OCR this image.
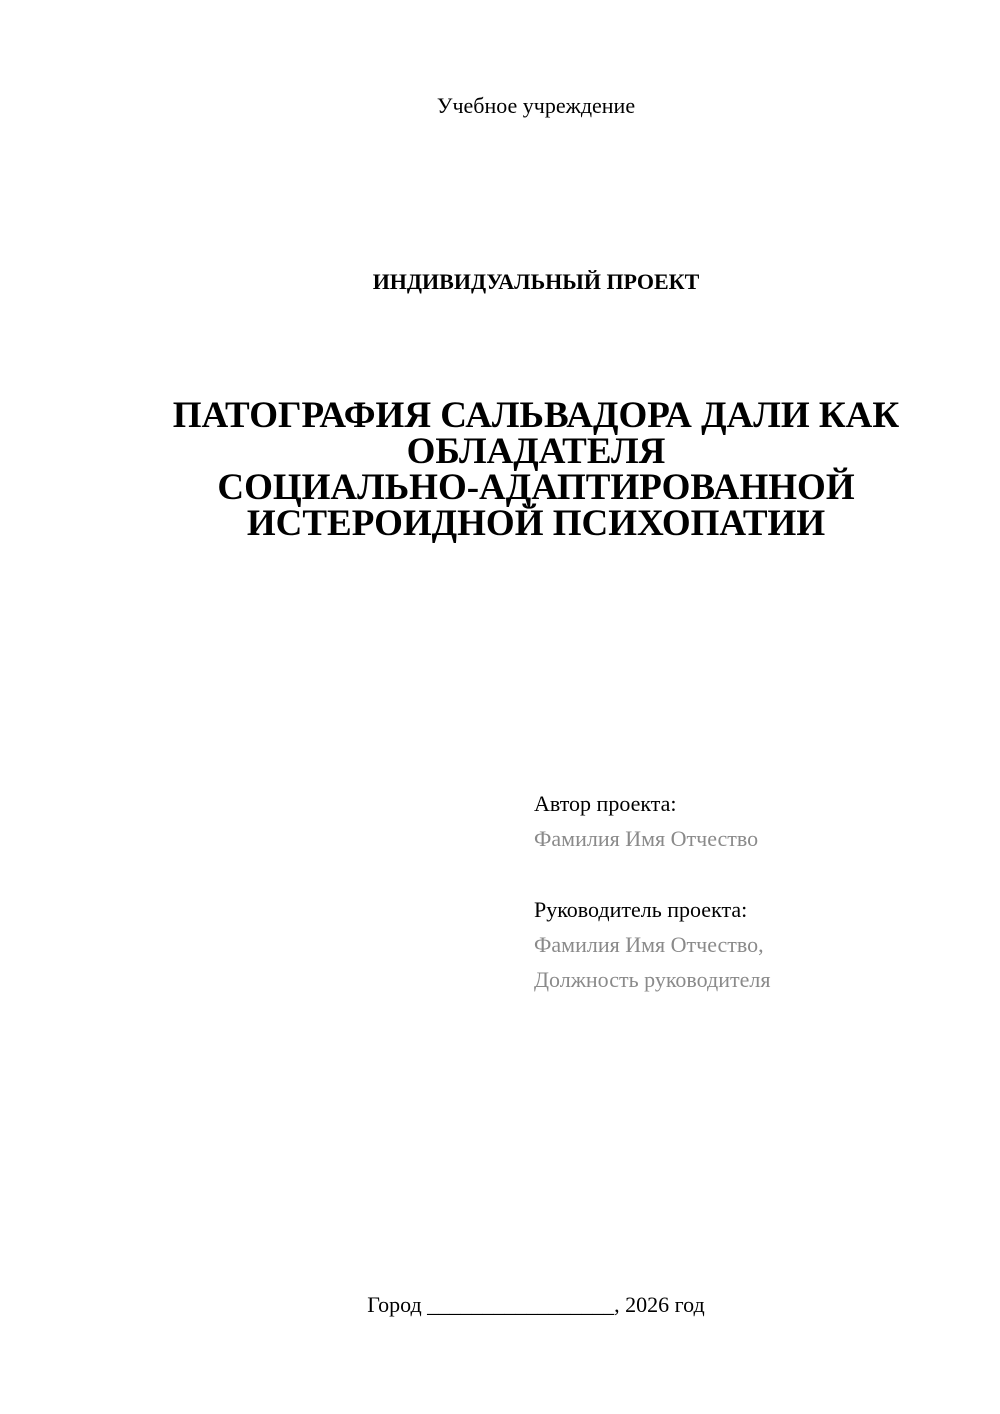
Учебное учреждение
ИНДИВИДУАЛЬНЫЙ ПРОЕКТ
ПАТОГРАФИЯ САЛЬВАДОРА ДАЛИ КАК
ОБЛАДАТЕЛЯ
СОЦИАЛЬНО-АДАПТИРОВАННОЙ
ИСТЕРОИДНОЙ ПСИХОПАТИИ
Автор проекта:
Фамилия Имя Отчество
Руководитель проекта:
Фамилия Имя Отчество,
Должность руководителя
Город _________________, 2026 год
